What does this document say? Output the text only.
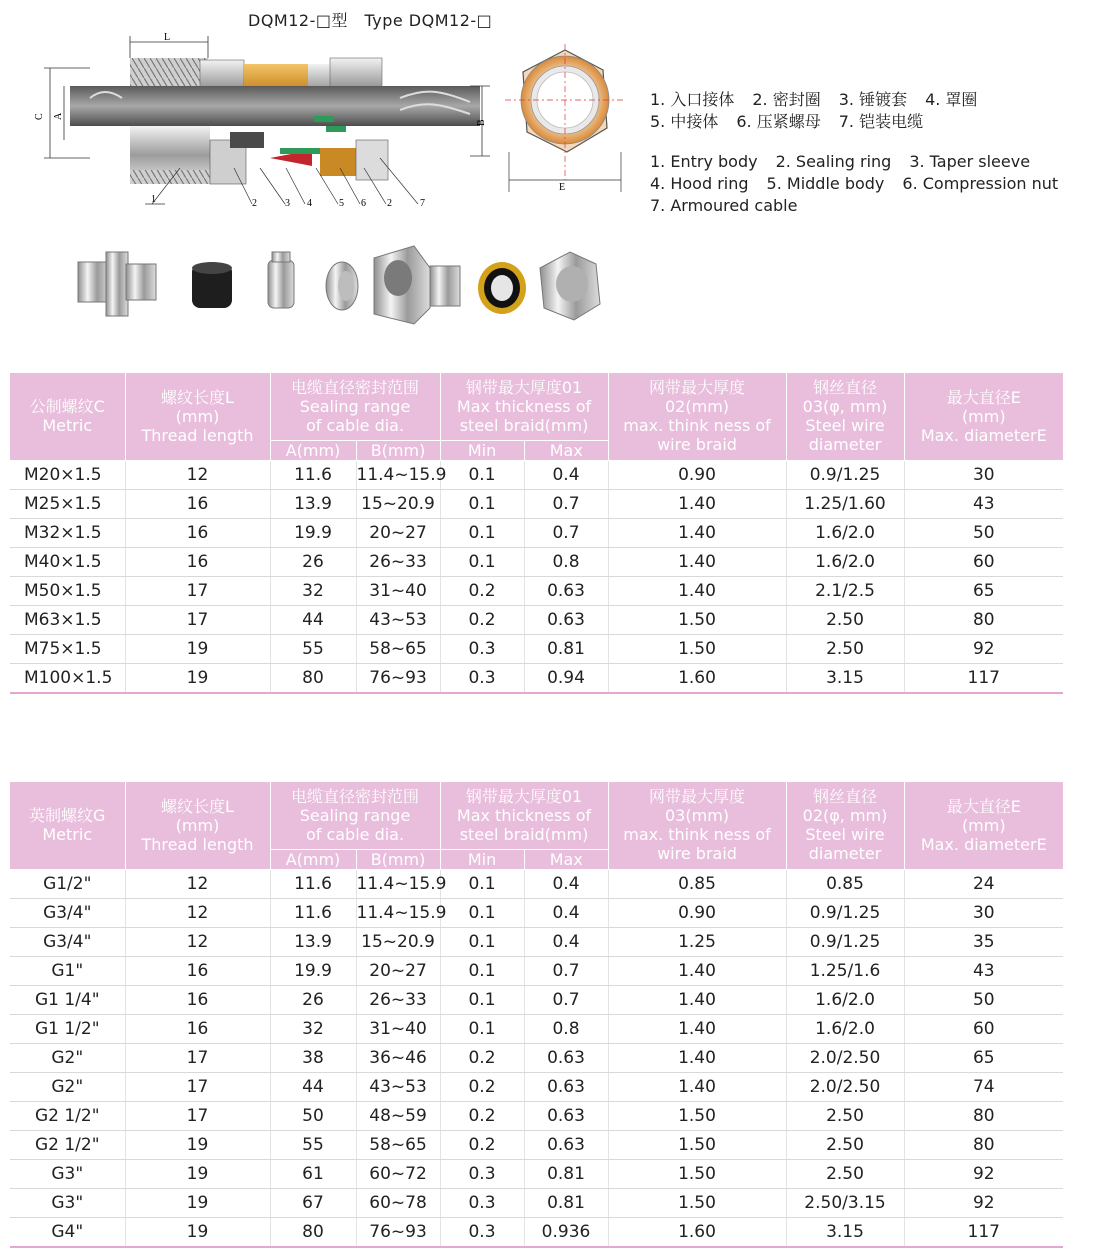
DQM12-□型　Type DQM12-□
L
C A
B
1	2	3 4	5 6 2	7
E
1. 入口接体 2. 密封圈 3. 锤镀套 4. 罩圈
5. 中接体 6. 压紧螺母 7. 铠装电缆
1. Entry body 2. Sealing ring 3. Taper sleeve
4. Hood ring 5. Middle body 6. Compression nut
7. Armoured cable
公制螺纹C
Metric	螺纹长度L
(mm)
Thread length	电缆直径密封范围
Sealing range
of cable dia.		钢带最大厚度01
Max thickness of
steel braid(mm)		网带最大厚度
02(mm)
max. think ness of
wire braid	钢丝直径
03(φ, mm)
Steel wire
diameter	最大直径E
(mm)
Max. diameterE

		A(mm)	B(mm)	Min	Max			
M20×1.5	12	11.6	11.4~15.9	0.1	0.4	0.90	0.9/1.25	30
M25×1.5	16	13.9	15~20.9	0.1	0.7	1.40	1.25/1.60	43
M32×1.5	16	19.9	20~27	0.1	0.7	1.40	1.6/2.0	50
M40×1.5	16	26	26~33	0.1	0.8	1.40	1.6/2.0	60
M50×1.5	17	32	31~40	0.2	0.63	1.40	2.1/2.5	65
M63×1.5	17	44	43~53	0.2	0.63	1.50	2.50	80
M75×1.5	19	55	58~65	0.3	0.81	1.50	2.50	92
M100×1.5	19	80	76~93	0.3	0.94	1.60	3.15	117
英制螺纹G
Metric	螺纹长度L
(mm)
Thread length	电缆直径密封范围
Sealing range
of cable dia.		钢带最大厚度01
Max thickness of
steel braid(mm)		网带最大厚度
03(mm)
max. think ness of
wire braid	钢丝直径
02(φ, mm)
Steel wire
diameter	最大直径E
(mm)
Max. diameterE

		A(mm)	B(mm)	Min	Max			
G1/2"	12	11.6	11.4~15.9	0.1	0.4	0.85	0.85	24
G3/4"	12	11.6	11.4~15.9	0.1	0.4	0.90	0.9/1.25	30
G3/4"	12	13.9	15~20.9	0.1	0.4	1.25	0.9/1.25	35
G1"	16	19.9	20~27	0.1	0.7	1.40	1.25/1.6	43
G1 1/4"	16	26	26~33	0.1	0.7	1.40	1.6/2.0	50
G1 1/2"	16	32	31~40	0.1	0.8	1.40	1.6/2.0	60
G2"	17	38	36~46	0.2	0.63	1.40	2.0/2.50	65
G2"	17	44	43~53	0.2	0.63	1.40	2.0/2.50	74
G2 1/2"	17	50	48~59	0.2	0.63	1.50	2.50	80
G2 1/2"	19	55	58~65	0.2	0.63	1.50	2.50	80
G3"	19	61	60~72	0.3	0.81	1.50	2.50	92
G3"	19	67	60~78	0.3	0.81	1.50	2.50/3.15	92
G4"	19	80	76~93	0.3	0.936	1.60	3.15	117
